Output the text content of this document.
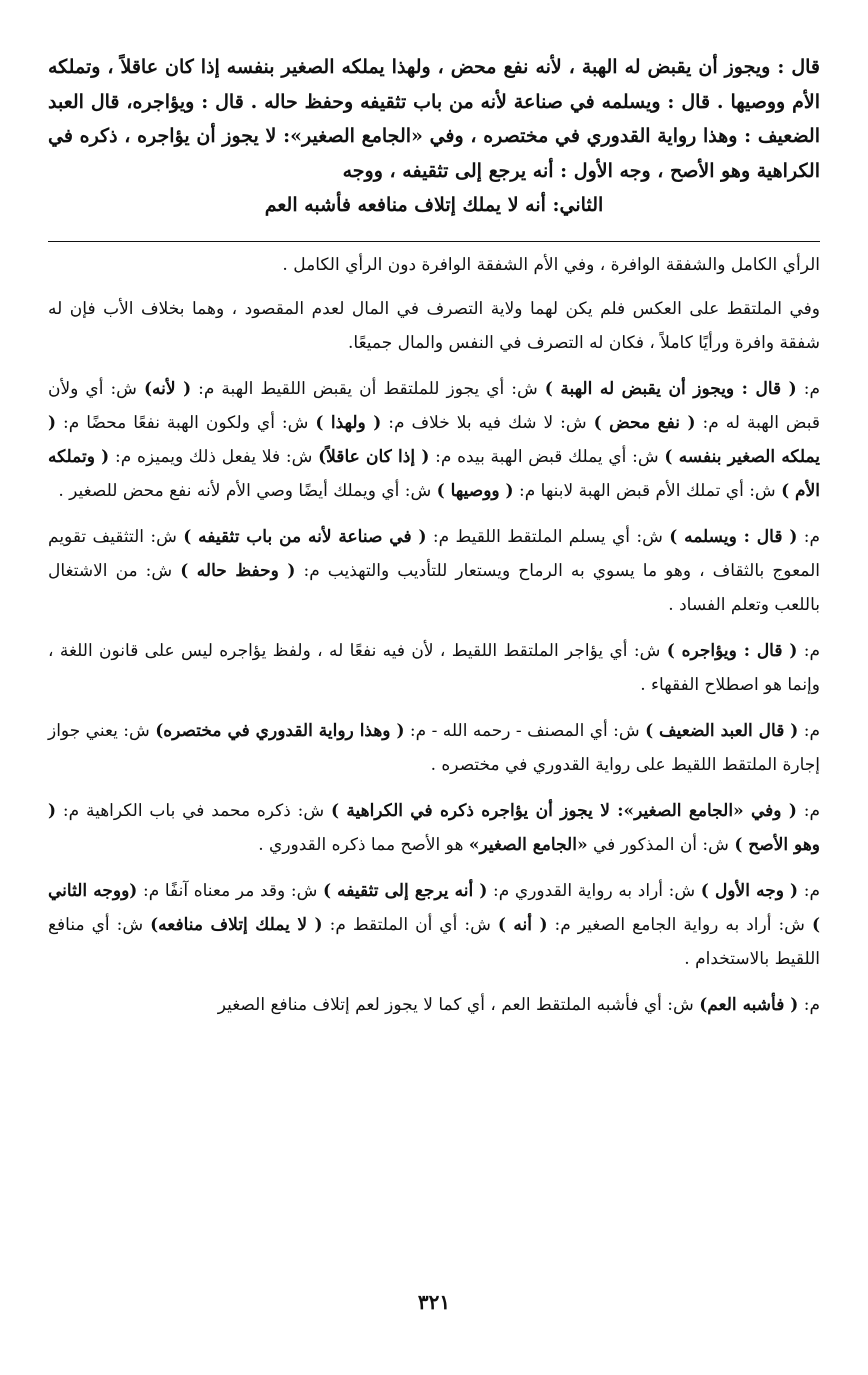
قال : ويجوز أن يقبض له الهبة ، لأنه نفع محض ، ولهذا يملكه الصغير بنفسه إذا كان عاقلاً ، وتملكه الأم ووصيها . قال : ويسلمه في صناعة لأنه من باب تثقيفه وحفظ حاله . قال : ويؤاجره، قال العبد الضعيف : وهذا رواية القدوري في مختصره ، وفي «الجامع الصغير»: لا يجوز أن يؤاجره ، ذكره في الكراهية وهو الأصح ، وجه الأول : أنه يرجع إلى تثقيفه ، ووجه
الثاني: أنه لا يملك إتلاف منافعه فأشبه العم

الرأي الكامل والشفقة الوافرة ، وفي الأم الشفقة الوافرة دون الرأي الكامل .

وفي الملتقط على العكس فلم يكن لهما ولاية التصرف في المال لعدم المقصود ، وهما بخلاف الأب فإن له شفقة وافرة ورأيًا كاملاً ، فكان له التصرف في النفس والمال جميعًا.

م: ( قال : ويجوز أن يقبض له الهبة ) ش: أي يجوز للملتقط أن يقبض اللقيط الهبة م: ( لأنه) ش: أي ولأن قبض الهبة له م: ( نفع محض ) ش: لا شك فيه بلا خلاف م: ( ولهذا ) ش: أي ولكون الهبة نفعًا محضًا م: ( يملكه الصغير بنفسه ) ش: أي يملك قبض الهبة بيده م: ( إذا كان عاقلاً) ش: فلا يفعل ذلك ويميزه م: ( وتملكه الأم ) ش: أي تملك الأم قبض الهبة لابنها م: ( ووصيها ) ش: أي ويملك أيضًا وصي الأم لأنه نفع محض للصغير .

م: ( قال : ويسلمه ) ش: أي يسلم الملتقط اللقيط م: ( في صناعة لأنه من باب تثقيفه ) ش: التثقيف تقويم المعوج بالثقاف ، وهو ما يسوي به الرماح ويستعار للتأديب والتهذيب م: ( وحفظ حاله ) ش: من الاشتغال باللعب وتعلم الفساد .

م: ( قال : ويؤاجره ) ش: أي يؤاجر الملتقط اللقيط ، لأن فيه نفعًا له ، ولفظ يؤاجره ليس على قانون اللغة ، وإنما هو اصطلاح الفقهاء .

م: ( قال العبد الضعيف ) ش: أي المصنف - رحمه الله - م: ( وهذا رواية القدوري في مختصره) ش: يعني جواز إجارة الملتقط اللقيط على رواية القدوري في مختصره .

م: ( وفي «الجامع الصغير»: لا يجوز أن يؤاجره ذكره في الكراهية ) ش: ذكره محمد في باب الكراهية م: ( وهو الأصح ) ش: أن المذكور في «الجامع الصغير» هو الأصح مما ذكره القدوري .

م: ( وجه الأول ) ش: أراد به رواية القدوري م: ( أنه يرجع إلى تثقيفه ) ش: وقد مر معناه آنفًا م: (ووجه الثاني ) ش: أراد به رواية الجامع الصغير م: ( أنه ) ش: أي أن الملتقط م: ( لا يملك إتلاف منافعه) ش: أي منافع اللقيط بالاستخدام .

م: ( فأشبه العم) ش: أي فأشبه الملتقط العم ، أي كما لا يجوز لعم إتلاف منافع الصغير

٣٢١
